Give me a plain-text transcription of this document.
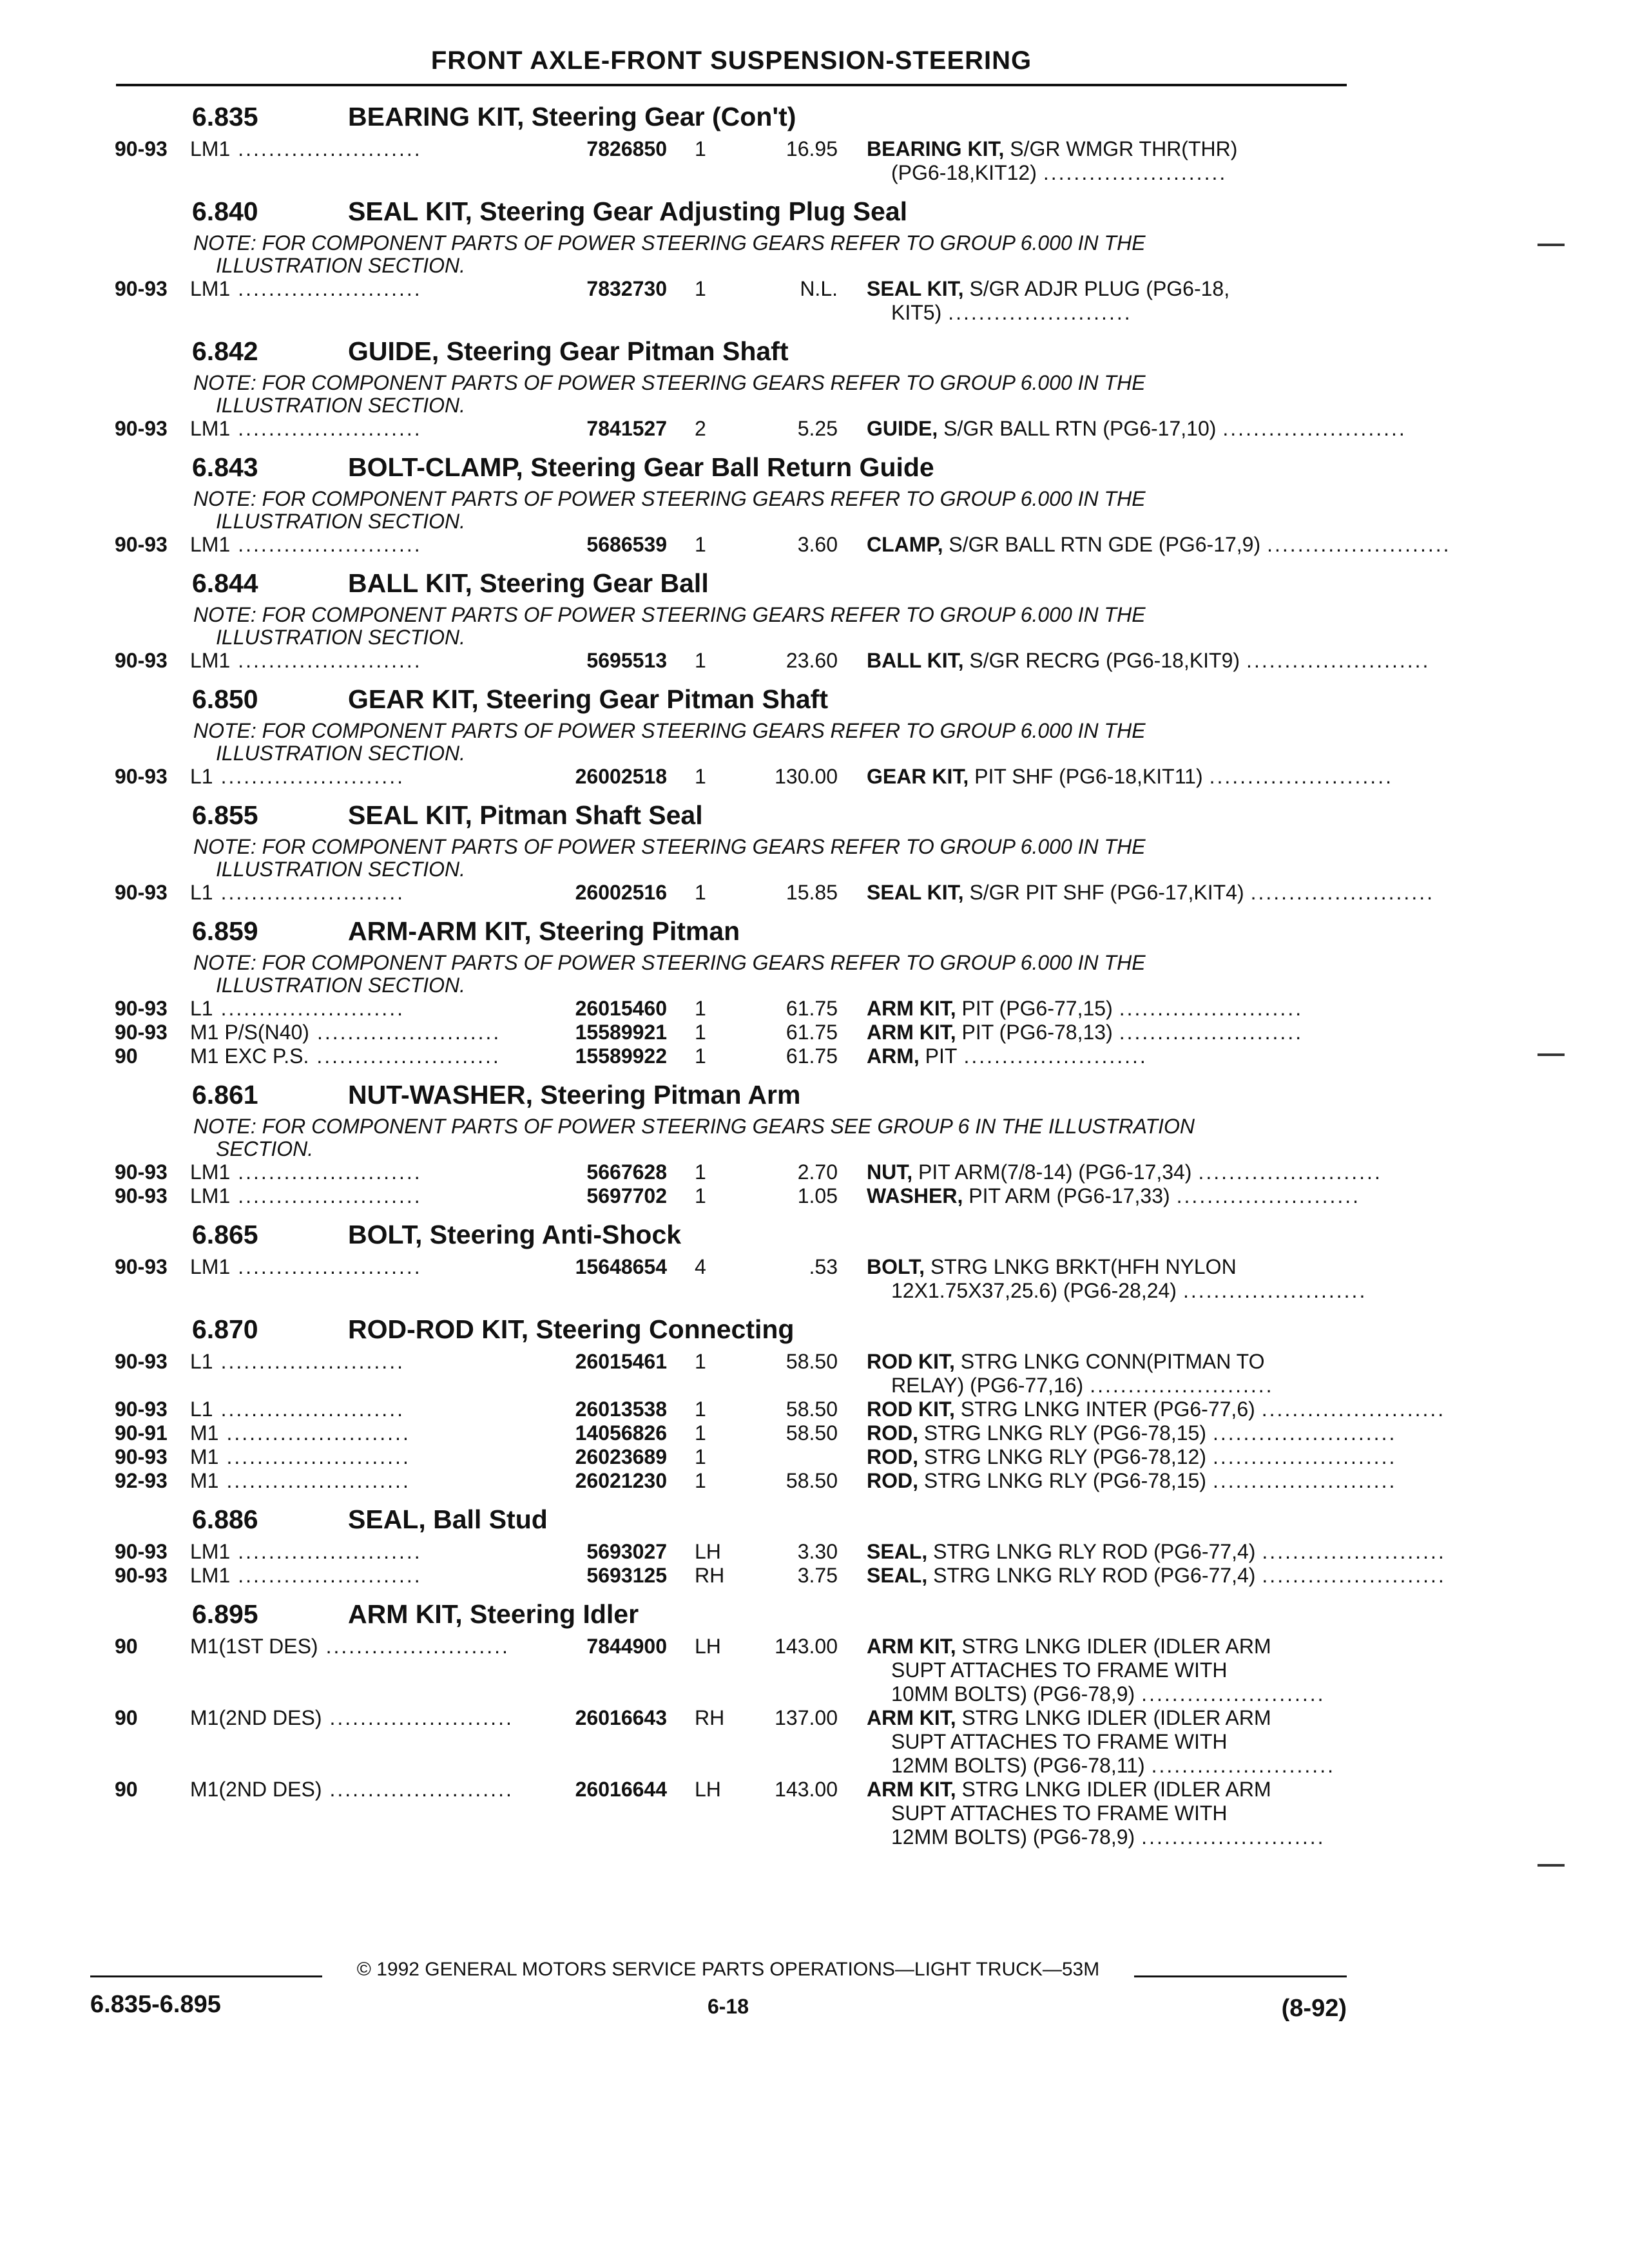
FRONT AXLE-FRONT SUSPENSION-STEERING
6.835	BEARING KIT, Steering Gear (Con't)
90-93 LM1 ........................	7826850 1	16.95 BEARING KIT, S/GR WMGR THR(THR)
(PG6-18,KIT12) ........................
6.840	SEAL KIT, Steering Gear Adjusting Plug Seal
NOTE: FOR COMPONENT PARTS OF POWER STEERING GEARS REFER TO GROUP 6.000 IN THE
ILLUSTRATION SECTION.
90-93 LM1 ........................	7832730 1	N.L. SEAL KIT, S/GR ADJR PLUG (PG6-18,
KIT5) ........................
6.842	GUIDE, Steering Gear Pitman Shaft
NOTE: FOR COMPONENT PARTS OF POWER STEERING GEARS REFER TO GROUP 6.000 IN THE
ILLUSTRATION SECTION.
90-93 LM1 ........................	7841527 2	5.25 GUIDE, S/GR BALL RTN (PG6-17,10) ........................
6.843	BOLT-CLAMP, Steering Gear Ball Return Guide
NOTE: FOR COMPONENT PARTS OF POWER STEERING GEARS REFER TO GROUP 6.000 IN THE
ILLUSTRATION SECTION.
90-93 LM1 ........................	5686539 1	3.60 CLAMP, S/GR BALL RTN GDE (PG6-17,9) ........................
6.844	BALL KIT, Steering Gear Ball
NOTE: FOR COMPONENT PARTS OF POWER STEERING GEARS REFER TO GROUP 6.000 IN THE
ILLUSTRATION SECTION.
90-93 LM1 ........................	5695513 1	23.60 BALL KIT, S/GR RECRG (PG6-18,KIT9) ........................
6.850	GEAR KIT, Steering Gear Pitman Shaft
NOTE: FOR COMPONENT PARTS OF POWER STEERING GEARS REFER TO GROUP 6.000 IN THE
ILLUSTRATION SECTION.
90-93 L1 ........................	26002518 1	130.00 GEAR KIT, PIT SHF (PG6-18,KIT11) ........................
6.855	SEAL KIT, Pitman Shaft Seal
NOTE: FOR COMPONENT PARTS OF POWER STEERING GEARS REFER TO GROUP 6.000 IN THE
ILLUSTRATION SECTION.
90-93 L1 ........................	26002516 1	15.85 SEAL KIT, S/GR PIT SHF (PG6-17,KIT4) ........................
6.859	ARM-ARM KIT, Steering Pitman
NOTE: FOR COMPONENT PARTS OF POWER STEERING GEARS REFER TO GROUP 6.000 IN THE
ILLUSTRATION SECTION.
90-93 L1 ........................	26015460 1	61.75 ARM KIT, PIT (PG6-77,15) ........................
90-93 M1 P/S(N40) ........................	15589921 1	61.75 ARM KIT, PIT (PG6-78,13) ........................
90	M1 EXC P.S. ........................	15589922 1	61.75 ARM, PIT ........................
6.861	NUT-WASHER, Steering Pitman Arm
NOTE: FOR COMPONENT PARTS OF POWER STEERING GEARS SEE GROUP 6 IN THE ILLUSTRATION
SECTION.
90-93 LM1 ........................	5667628 1	2.70 NUT, PIT ARM(7/8-14) (PG6-17,34) ........................
90-93 LM1 ........................	5697702 1	1.05 WASHER, PIT ARM (PG6-17,33) ........................
6.865	BOLT, Steering Anti-Shock
90-93 LM1 ........................	15648654 4	.53 BOLT, STRG LNKG BRKT(HFH NYLON
12X1.75X37,25.6) (PG6-28,24) ........................
6.870	ROD-ROD KIT, Steering Connecting
90-93 L1 ........................	26015461 1	58.50 ROD KIT, STRG LNKG CONN(PITMAN TO
RELAY) (PG6-77,16) ........................
90-93 L1 ........................	26013538 1	58.50 ROD KIT, STRG LNKG INTER (PG6-77,6) ........................
90-91 M1 ........................	14056826 1	58.50 ROD, STRG LNKG RLY (PG6-78,15) ........................
90-93 M1 ........................	26023689 1	ROD, STRG LNKG RLY (PG6-78,12) ........................
92-93 M1 ........................	26021230 1	58.50 ROD, STRG LNKG RLY (PG6-78,15) ........................
6.886	SEAL, Ball Stud
90-93 LM1 ........................	5693027 LH	3.30 SEAL, STRG LNKG RLY ROD (PG6-77,4) ........................
90-93 LM1 ........................	5693125 RH	3.75 SEAL, STRG LNKG RLY ROD (PG6-77,4) ........................
6.895	ARM KIT, Steering Idler
90	M1(1ST DES) ........................	7844900 LH	143.00 ARM KIT, STRG LNKG IDLER (IDLER ARM
SUPT ATTACHES TO FRAME WITH
10MM BOLTS) (PG6-78,9) ........................
90	M1(2ND DES) ........................	26016643 RH	137.00 ARM KIT, STRG LNKG IDLER (IDLER ARM
SUPT ATTACHES TO FRAME WITH
12MM BOLTS) (PG6-78,11) ........................
90	M1(2ND DES) ........................	26016644 LH	143.00 ARM KIT, STRG LNKG IDLER (IDLER ARM
SUPT ATTACHES TO FRAME WITH
12MM BOLTS) (PG6-78,9) ........................
© 1992 GENERAL MOTORS SERVICE PARTS OPERATIONS—LIGHT TRUCK—53M
6.835-6.895	6-18	(8-92)
